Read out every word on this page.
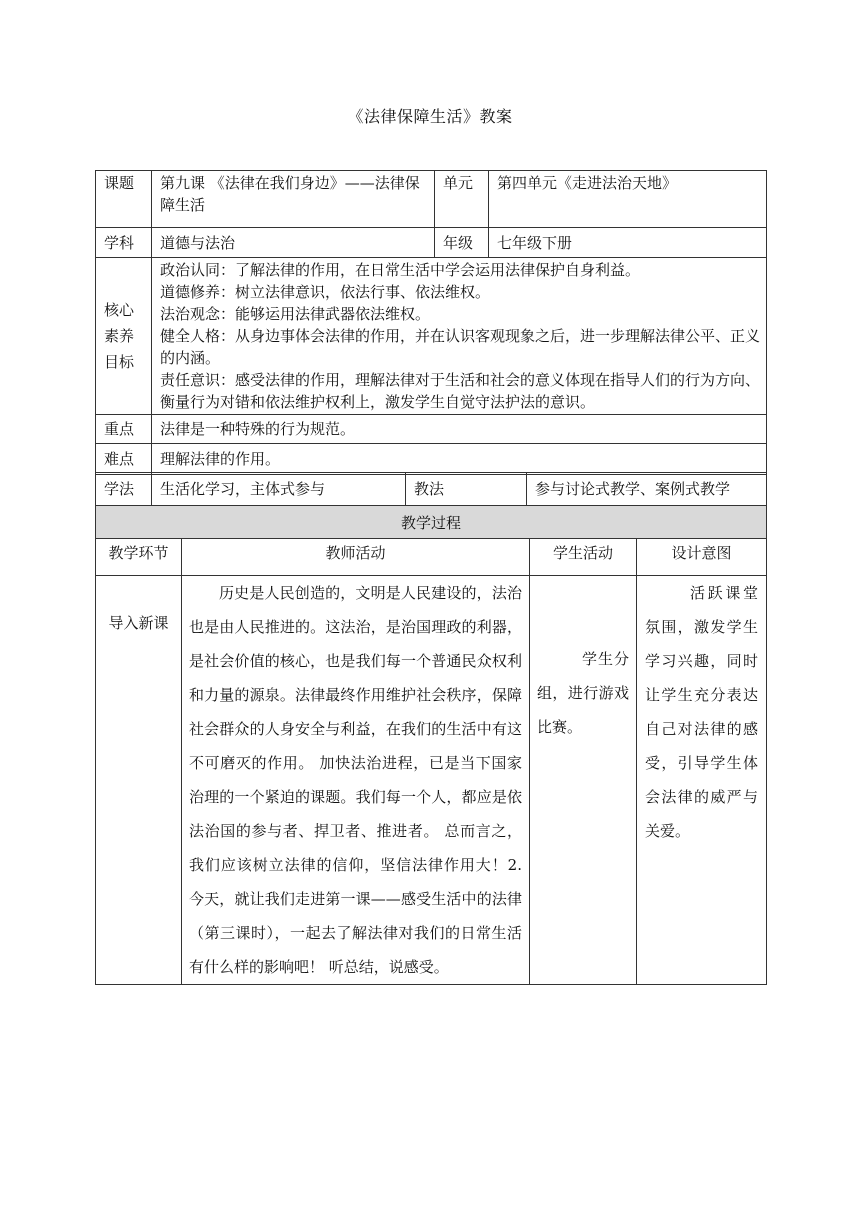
《法律保障生活》教案
课题	第九课 《法律在我们身边》——法律保障生活	单元	第四单元《走进法治天地》
学科	道德与法治	年级	七年级下册
核心素养目标	政治认同：了解法律的作用，在日常生活中学会运用法律保护自身利益。
道德修养：树立法律意识，依法行事、依法维权。
法治观念：能够运用法律武器依法维权。
健全人格：从身边事体会法律的作用，并在认识客观现象之后，进一步理解法律公平、正义的内涵。
责任意识：感受法律的作用，理解法律对于生活和社会的意义体现在指导人们的行为方向、衡量行为对错和依法维护权利上，激发学生自觉守法护法的意识。		

重点	法律是一种特殊的行为规范。		
难点	理解法律的作用。		
学法	生活化学习，主体式参与	教法	参与讨论式教学、案例式教学
教学过程			
教学环节	教师活动	学生活动	设计意图
导入新课	历史是人民创造的，文明是人民建设的，法治也是由人民推进的。这法治，是治国理政的利器，是社会价值的核心，也是我们每一个普通民众权利和力量的源泉。法律最终作用维护社会秩序，保障社会群众的人身安全与利益，在我们的生活中有这不可磨灭的作用。 加快法治进程，已是当下国家治理的一个紧迫的课题。我们每一个人，都应是依法治国的参与者、捍卫者、推进者。 总而言之，我们应该树立法律的信仰，坚信法律作用大！2. 今天，就让我们走进第一课——感受生活中的法律（第三课时），一起去了解法律对我们的日常生活有什么样的影响吧！ 听总结，说感受。	学生分组，进行游戏比赛。	活跃课堂氛围，激发学生学习兴趣，同时让学生充分表达自己对法律的感受，引导学生体会法律的威严与关爱。
